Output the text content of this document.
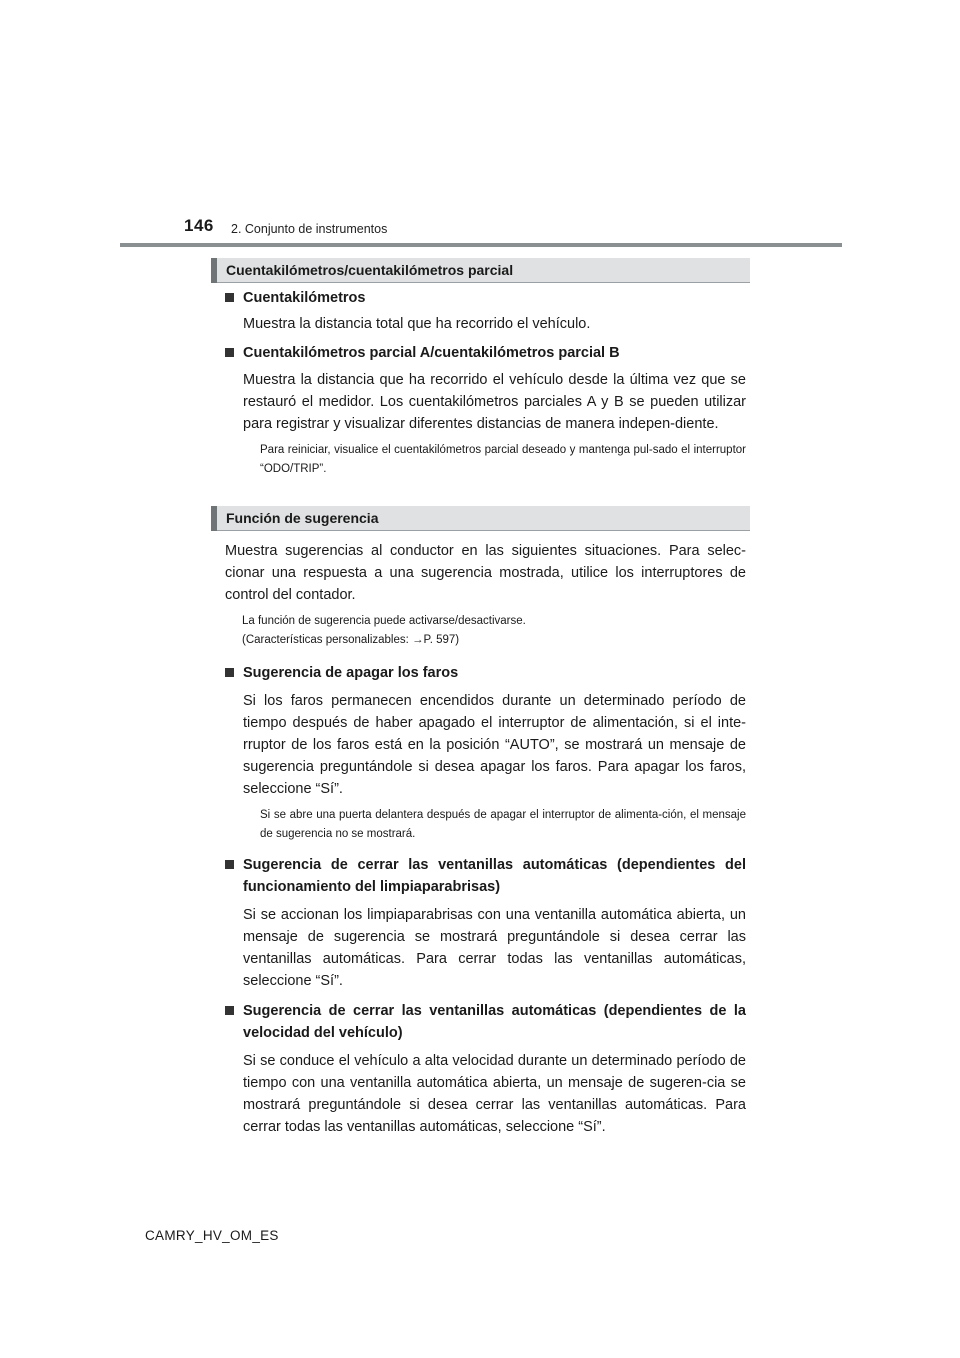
146 2. Conjunto de instrumentos
Cuentakilómetros/cuentakilómetros parcial
Cuentakilómetros
Muestra la distancia total que ha recorrido el vehículo.
Cuentakilómetros parcial A/cuentakilómetros parcial B
Muestra la distancia que ha recorrido el vehículo desde la última vez que se restauró el medidor. Los cuentakilómetros parciales A y B se pueden utilizar para registrar y visualizar diferentes distancias de manera indepen-diente.
Para reiniciar, visualice el cuentakilómetros parcial deseado y mantenga pul-sado el interruptor “ODO/TRIP”.
Función de sugerencia
Muestra sugerencias al conductor en las siguientes situaciones. Para selec-cionar una respuesta a una sugerencia mostrada, utilice los interruptores de control del contador.
La función de sugerencia puede activarse/desactivarse.
(Características personalizables: →P. 597)
Sugerencia de apagar los faros
Si los faros permanecen encendidos durante un determinado período de tiempo después de haber apagado el interruptor de alimentación, si el inte-rruptor de los faros está en la posición “AUTO”, se mostrará un mensaje de sugerencia preguntándole si desea apagar los faros. Para apagar los faros, seleccione “Sí”.
Si se abre una puerta delantera después de apagar el interruptor de alimenta-ción, el mensaje de sugerencia no se mostrará.
Sugerencia de cerrar las ventanillas automáticas (dependientes del funcionamiento del limpiaparabrisas)
Si se accionan los limpiaparabrisas con una ventanilla automática abierta, un mensaje de sugerencia se mostrará preguntándole si desea cerrar las ventanillas automáticas. Para cerrar todas las ventanillas automáticas, seleccione “Sí”.
Sugerencia de cerrar las ventanillas automáticas (dependientes de la velocidad del vehículo)
Si se conduce el vehículo a alta velocidad durante un determinado período de tiempo con una ventanilla automática abierta, un mensaje de sugeren-cia se mostrará preguntándole si desea cerrar las ventanillas automáticas. Para cerrar todas las ventanillas automáticas, seleccione “Sí”.
CAMRY_HV_OM_ES
